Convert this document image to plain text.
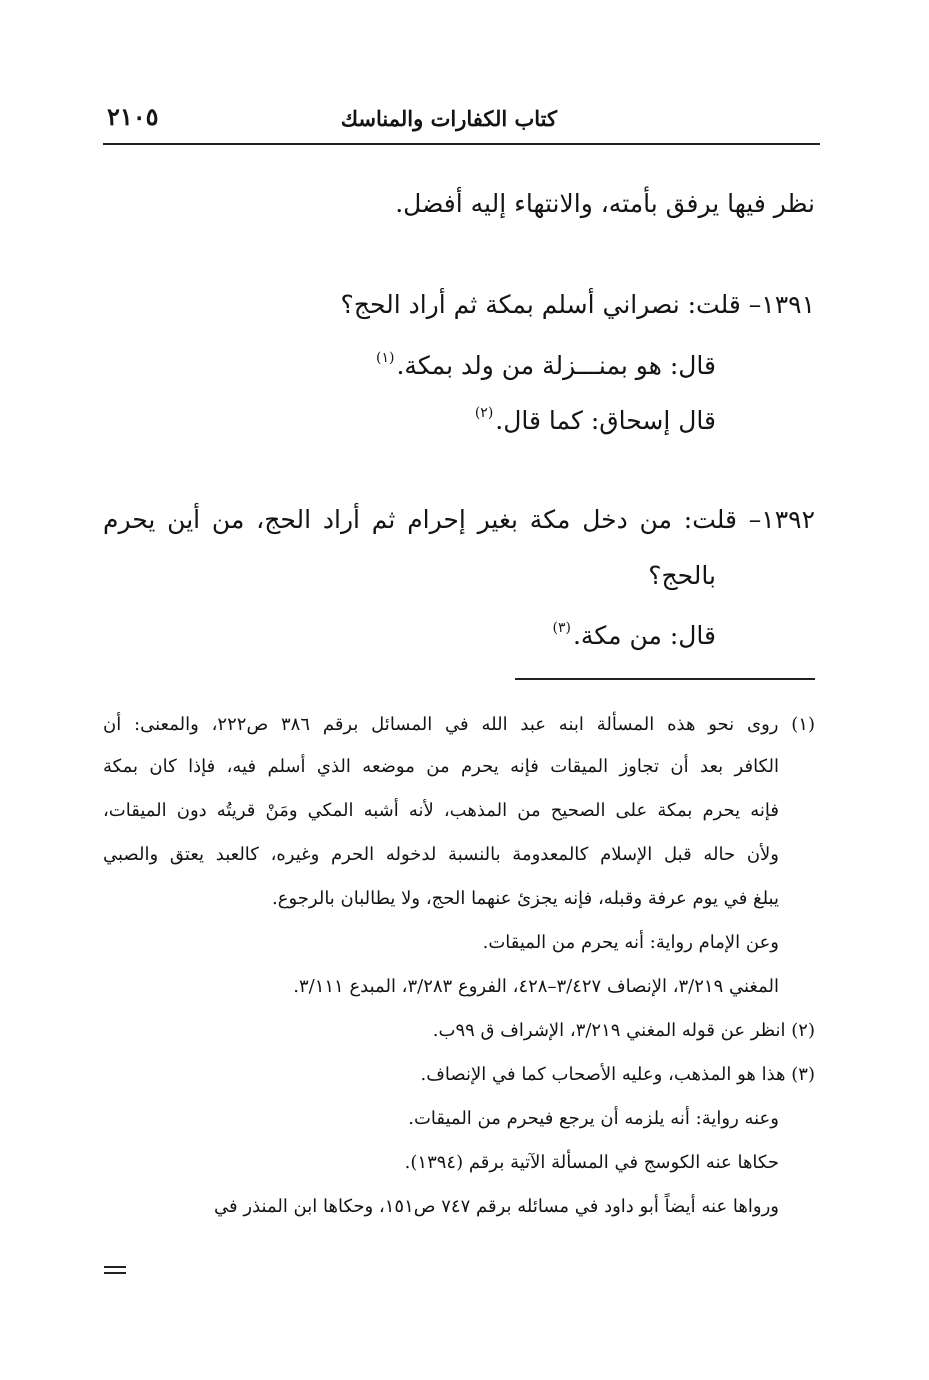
كتاب الكفارات والمناسك
٢١٠٥
نظر فيها يرفق بأمته، والانتهاء إليه أفضل.
١٣٩١– قلت: نصراني أسلم بمكة ثم أراد الحج؟
قال: هو بمنـــزلة من ولد بمكة.$^{(١)}$
قال إسحاق: كما قال.$^{(٢)}$
١٣٩٢– قلت: من دخل مكة بغير إحرام ثم أراد الحج، من أين يحرم
بالحج؟
قال: من مكة.$^{(٣)}$
(١) روى نحو هذه المسألة ابنه عبد الله في المسائل برقم ٣٨٦ ص٢٢٢، والمعنى: أن
الكافر بعد أن تجاوز الميقات فإنه يحرم من موضعه الذي أسلم فيه، فإذا كان بمكة
فإنه يحرم بمكة على الصحيح من المذهب، لأنه أشبه المكي ومَنْ قريتُه دون الميقات،
ولأن حاله قبل الإسلام كالمعدومة بالنسبة لدخوله الحرم وغيره، كالعبد يعتق والصبي
يبلغ في يوم عرفة وقبله، فإنه يجزئ عنهما الحج، ولا يطالبان بالرجوع.
وعن الإمام رواية: أنه يحرم من الميقات.
المغني ٣/٢١٩، الإنصاف ٣/٤٢٧–٤٢٨، الفروع ٣/٢٨٣، المبدع ٣/١١١.
(٢) انظر عن قوله المغني ٣/٢١٩، الإشراف ق ٩٩ب.
(٣) هذا هو المذهب، وعليه الأصحاب كما في الإنصاف.
وعنه رواية: أنه يلزمه أن يرجع فيحرم من الميقات.
حكاها عنه الكوسج في المسألة الآتية برقم (١٣٩٤).
ورواها عنه أيضاً أبو داود في مسائله برقم ٧٤٧ ص١٥١، وحكاها ابن المنذر في
